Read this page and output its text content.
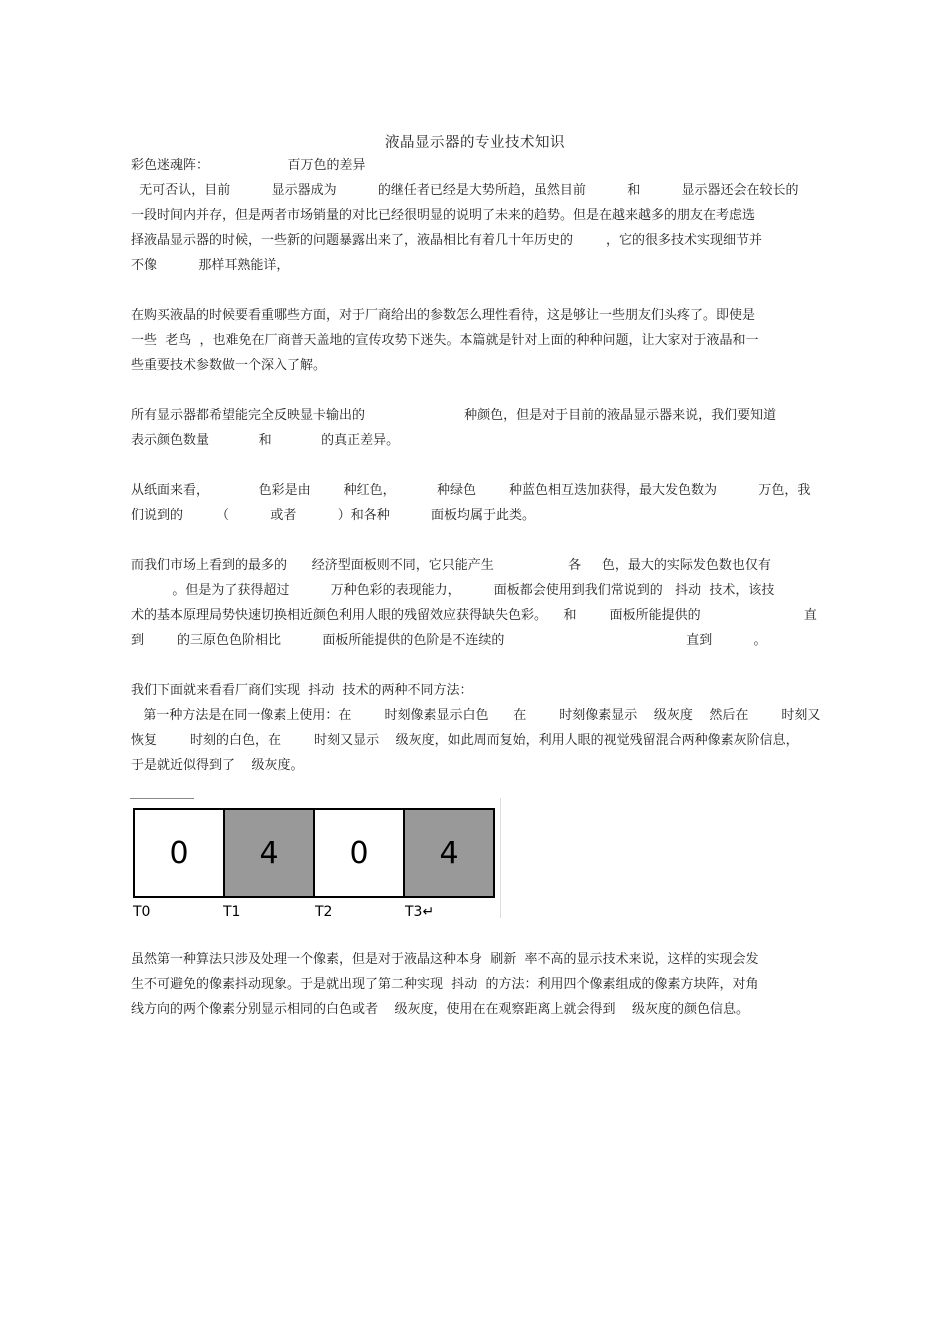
液晶显示器的专业技术知识
彩色迷魂阵：                   百万色的差异
无可否认，目前          显示器成为          的继任者已经是大势所趋，虽然目前          和          显示器还会在较长的
一段时间内并存，但是两者市场销量的对比已经很明显的说明了未来的趋势。但是在越来越多的朋友在考虑选
择液晶显示器的时候，一些新的问题暴露出来了，液晶相比有着几十年历史的        ，它的很多技术实现细节并
不像          那样耳熟能详，
在购买液晶的时候要看重哪些方面，对于厂商给出的参数怎么理性看待，这是够让一些朋友们头疼了。即使是
一些  老鸟  ，也难免在厂商普天盖地的宣传攻势下迷失。本篇就是针对上面的种种问题，让大家对于液晶和一
些重要技术参数做一个深入了解。
所有显示器都希望能完全反映显卡输出的                        种颜色，但是对于目前的液晶显示器来说，我们要知道
表示颜色数量            和            的真正差异。
从纸面来看，            色彩是由        种红色，          种绿色        种蓝色相互迭加获得，最大发色数为          万色，我
们说到的        （          或者          ）和各种          面板均属于此类。
而我们市场上看到的最多的      经济型面板则不同，它只能产生                  各     色，最大的实际发色数也仅有
。但是为了获得超过          万种色彩的表现能力，        面板都会使用到我们常说到的   抖动  技术，该技
术的基本原理局势快速切换相近颜色利用人眼的残留效应获得缺失色彩。    和        面板所能提供的                         直
到        的三原色色阶相比          面板所能提供的色阶是不连续的                                            直到          。
我们下面就来看看厂商们实现  抖动  技术的两种不同方法：
第一种方法是在同一像素上使用：在        时刻像素显示白色      在        时刻像素显示    级灰度    然后在        时刻又
恢复        时刻的白色，在        时刻又显示    级灰度，如此周而复始，利用人眼的视觉残留混合两种像素灰阶信息，
于是就近似得到了    级灰度。
虽然第一种算法只涉及处理一个像素，但是对于液晶这种本身  刷新  率不高的显示技术来说，这样的实现会发
生不可避免的像素抖动现象。于是就出现了第二种实现  抖动  的方法：利用四个像素组成的像素方块阵，对角
线方向的两个像素分别显示相同的白色或者    级灰度，使用在在观察距离上就会得到    级灰度的颜色信息。
0	4	0	4
T0	T1	T2	T3↵
